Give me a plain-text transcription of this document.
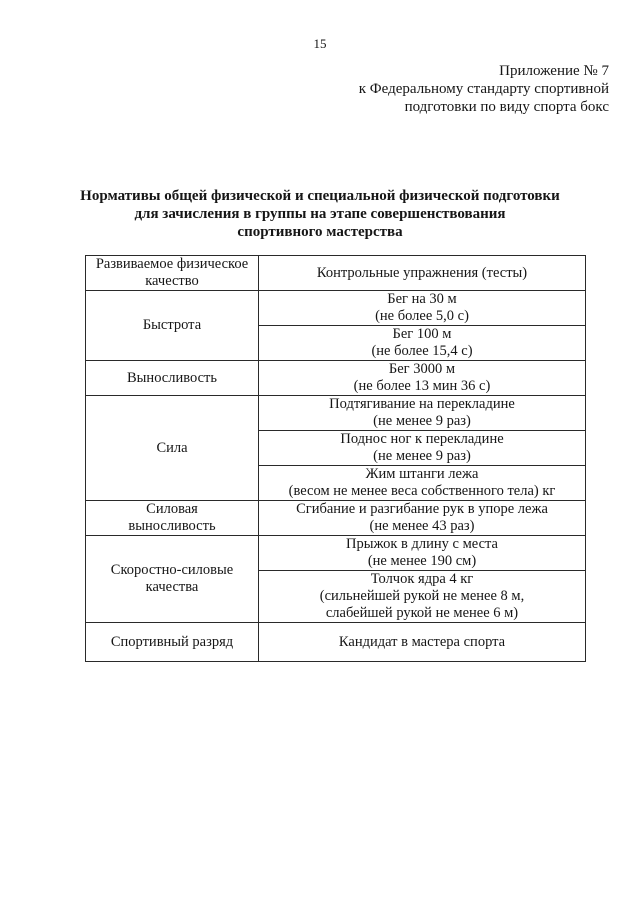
15
Приложение № 7
к Федеральному стандарту спортивной
подготовки по виду спорта бокс
Нормативы общей физической и специальной физической подготовки
для зачисления в группы на этапе совершенствования
спортивного мастерства
Развиваемое физическое
качество	Контрольные упражнения (тесты)

Быстрота	Бег на 30 м
(не более 5,0 с)

	Бег 100 м
(не более 15,4 с)

Выносливость	Бег 3000 м
(не более 13 мин 36 с)

Сила	Подтягивание на перекладине
(не менее 9 раз)

	Поднос ног к перекладине
(не менее 9 раз)

	Жим штанги лежа
(весом не менее веса собственного тела) кг

Силовая
выносливость	Сгибание и разгибание рук в упоре лежа
(не менее 43 раз)

Скоростно-силовые
качества	Прыжок в длину с места
(не менее 190 см)

	Толчок ядра 4 кг
(сильнейшей рукой не менее 8 м,
слабейшей рукой не менее 6 м)

Спортивный разряд	Кандидат в мастера спорта
